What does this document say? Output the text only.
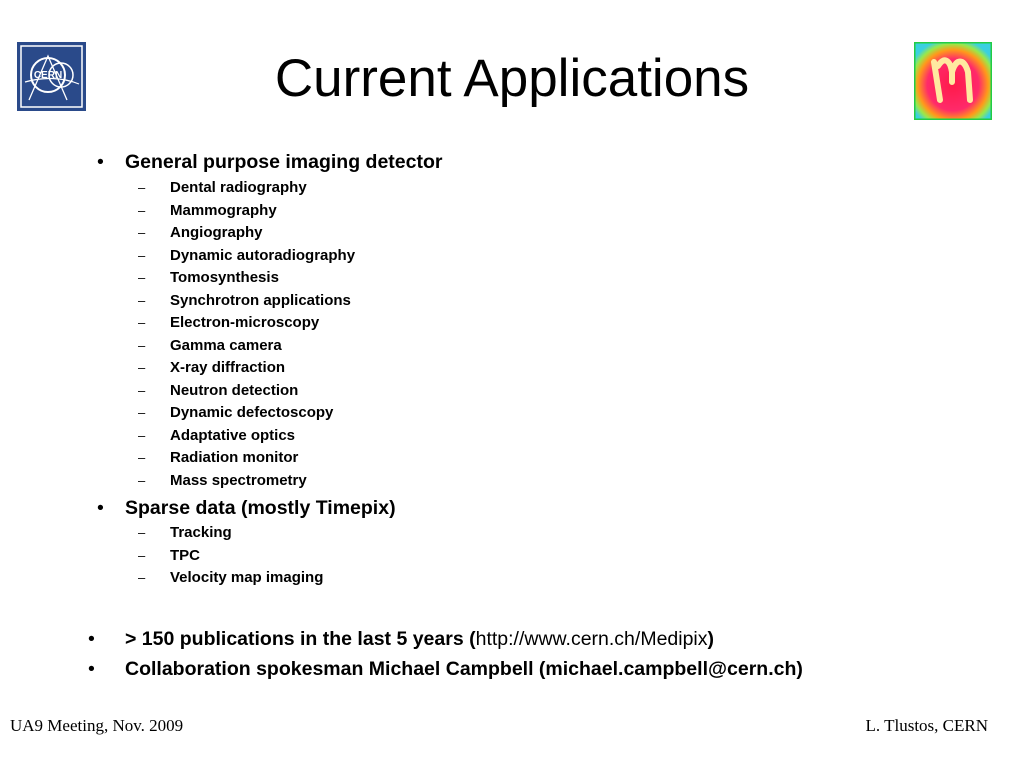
Current Applications
CERN
• General purpose imaging detector
– Dental radiography
– Mammography
– Angiography
– Dynamic autoradiography
– Tomosynthesis
– Synchrotron applications
– Electron-microscopy
– Gamma camera
– X-ray diffraction
– Neutron detection
– Dynamic defectoscopy
– Adaptative optics
– Radiation monitor
– Mass spectrometry
• Sparse data (mostly Timepix)
– Tracking
– TPC
– Velocity map imaging
• > 150 publications in the last 5 years (http://www.cern.ch/Medipix)
• Collaboration spokesman Michael Campbell (michael.campbell@cern.ch)
UA9 Meeting, Nov. 2009	L. Tlustos, CERN
